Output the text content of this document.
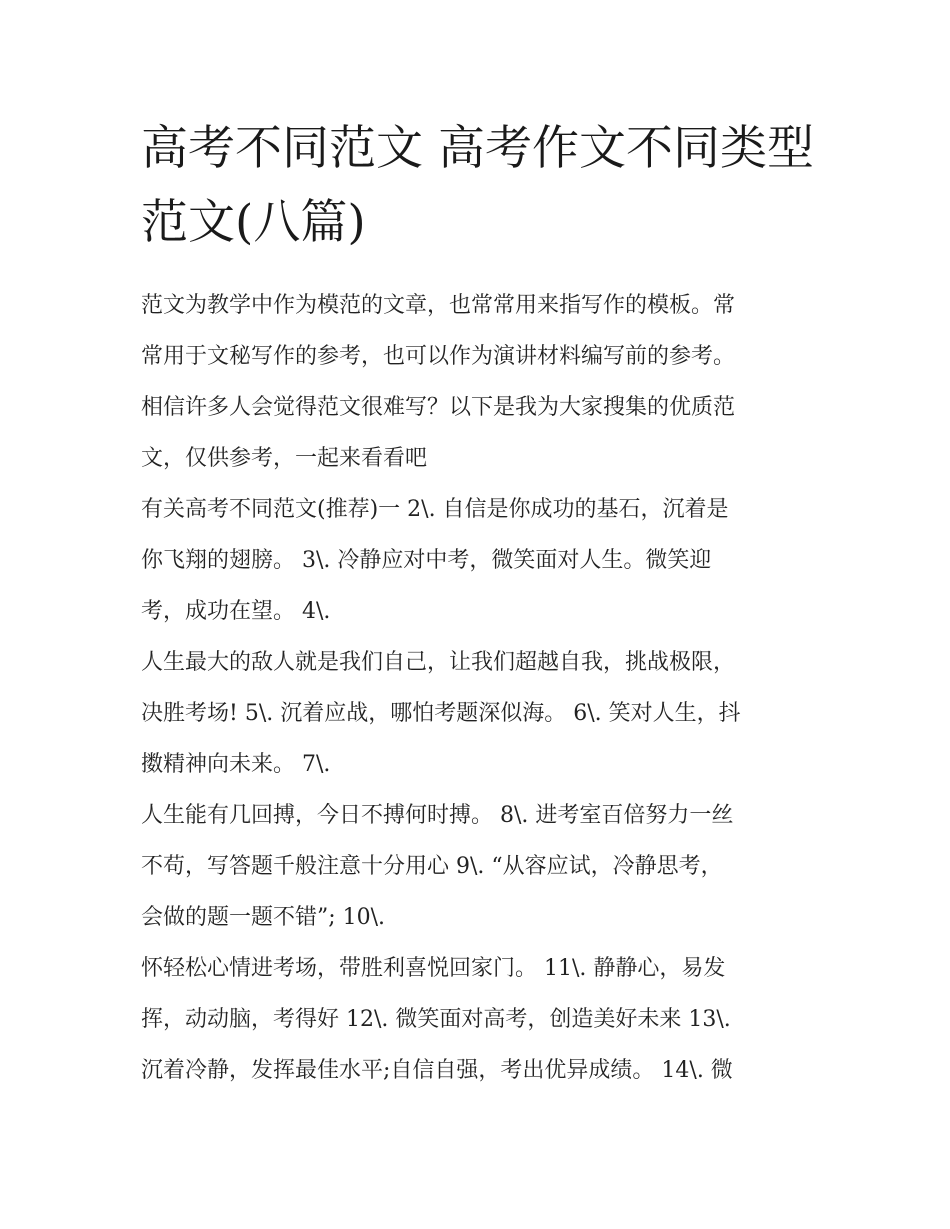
高考不同范文 高考作文不同类型范文(八篇)
范文为教学中作为模范的文章，也常常用来指写作的模板。常
常用于文秘写作的参考，也可以作为演讲材料编写前的参考。
相信许多人会觉得范文很难写？以下是我为大家搜集的优质范
文，仅供参考，一起来看看吧
有关高考不同范文(推荐)一 2\. 自信是你成功的基石，沉着是
你飞翔的翅膀。 3\. 冷静应对中考，微笑面对人生。微笑迎
考，成功在望。 4\.
人生最大的敌人就是我们自己，让我们超越自我，挑战极限，
决胜考场! 5\. 沉着应战，哪怕考题深似海。 6\. 笑对人生，抖
擞精神向未来。 7\.
人生能有几回搏，今日不搏何时搏。 8\. 进考室百倍努力一丝
不苟，写答题千般注意十分用心 9\. “从容应试，冷静思考，
会做的题一题不错”; 10\.
怀轻松心情进考场，带胜利喜悦回家门。 11\. 静静心，易发
挥，动动脑，考得好 12\. 微笑面对高考，创造美好未来 13\.
沉着冷静，发挥最佳水平;自信自强，考出优异成绩。 14\. 微
